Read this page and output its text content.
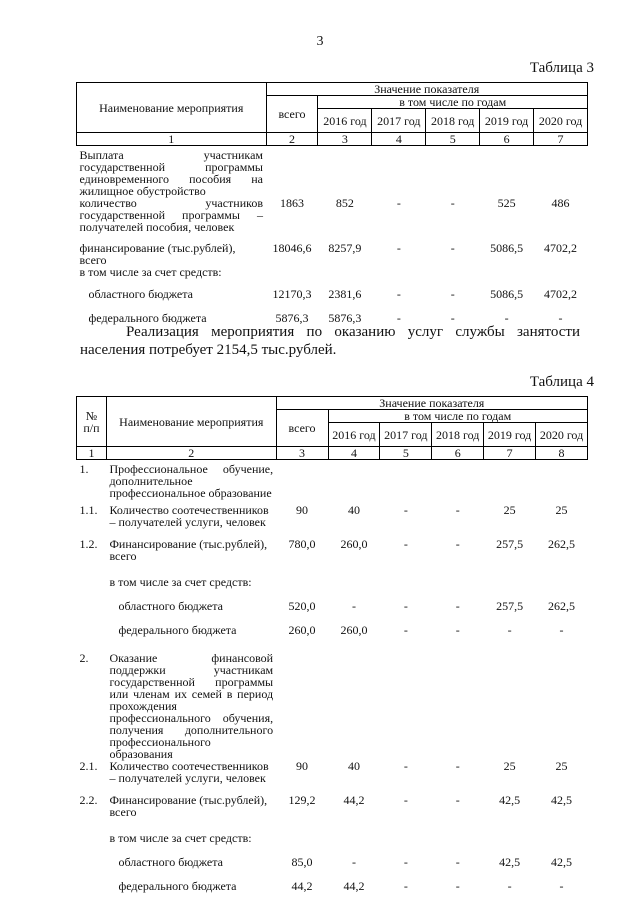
3
Таблица 3
Наименование мероприятия	Значение показателя					
	всего	в том числе по годам				
		2016 год	2017 год	2018 год	2019 год	2020 год
1	2	3	4	5	6	7
Выплата участникам государственной программы единовременного пособия на жилищное обустройство						
количество участников государственной программы – получателей пособия, человек	1863	852	-	-	525	486
финансирование (тыс.рублей), всего	18046,6	8257,9	-	-	5086,5	4702,2
в том числе за счет средств:						
областного бюджета	12170,3	2381,6	-	-	5086,5	4702,2
федерального бюджета	5876,3	5876,3	-	-	-	-
Реализация мероприятия по оказанию услуг службы занятости населения потребует 2154,5 тыс.рублей.
Таблица 4
№ п/п	Наименование мероприятия	Значение показателя					
		всего	в том числе по годам				
			2016 год	2017 год	2018 год	2019 год	2020 год
1	2	3	4	5	6	7	8
1.	Профессиональное обучение, дополнительное профессиональное образование						
1.1.	Количество соотечественников – получателей услуги, человек	90	40	-	-	25	25
1.2.	Финансирование (тыс.рублей), всего	780,0	260,0	-	-	257,5	262,5
	в том числе за счет средств:						
	областного бюджета	520,0	-	-	-	257,5	262,5
	федерального бюджета	260,0	260,0	-	-	-	-
2.	Оказание финансовой поддержки участникам государственной программы или членам их семей в период прохождения профессионального обучения, получения дополнительного профессионального образования						
2.1.	Количество соотечественников – получателей услуги, человек	90	40	-	-	25	25
2.2.	Финансирование (тыс.рублей), всего	129,2	44,2	-	-	42,5	42,5
	в том числе за счет средств:						
	областного бюджета	85,0	-	-	-	42,5	42,5
	федерального бюджета	44,2	44,2	-	-	-	-
